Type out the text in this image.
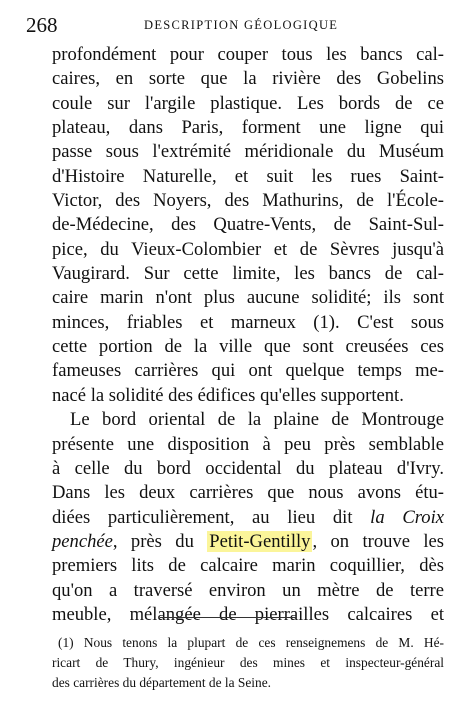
268	DESCRIPTION GÉOLOGIQUE
profondément pour couper tous les bancs cal-
caires, en sorte que la rivière des Gobelins
coule sur l'argile plastique. Les bords de ce
plateau, dans Paris, forment une ligne qui
passe sous l'extrémité méridionale du Muséum
d'Histoire Naturelle, et suit les rues Saint-
Victor, des Noyers, des Mathurins, de l'École-
de-Médecine, des Quatre-Vents, de Saint-Sul-
pice, du Vieux-Colombier et de Sèvres jusqu'à
Vaugirard. Sur cette limite, les bancs de cal-
caire marin n'ont plus aucune solidité; ils sont
minces, friables et marneux (1). C'est sous
cette portion de la ville que sont creusées ces
fameuses carrières qui ont quelque temps me-
nacé la solidité des édifices qu'elles supportent.
Le bord oriental de la plaine de Montrouge
présente une disposition à peu près semblable
à celle du bord occidental du plateau d'Ivry.
Dans les deux carrières que nous avons étu-
diées particulièrement, au lieu dit la Croix
penchée, près du Petit-Gentilly , on trouve les
premiers lits de calcaire marin coquillier, dès
qu'on a traversé environ un mètre de terre
meuble, mélangée de pierrailles calcaires et
(1) Nous tenons la plupart de ces renseignemens de M. Hé-
ricart de Thury, ingénieur des mines et inspecteur-général
des carrières du département de la Seine.
